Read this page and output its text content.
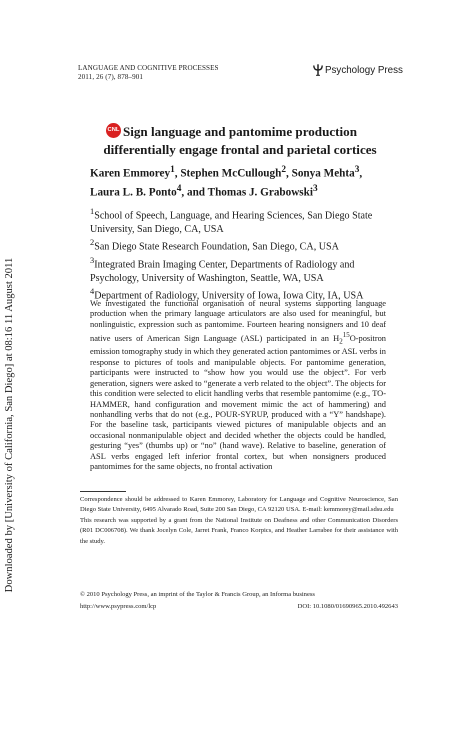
Downloaded by [University of California, San Diego] at 08:16 11 August 2011
LANGUAGE AND COGNITIVE PROCESSES
2011, 26 (7), 878–901
Psychology Press
CNL Sign language and pantomime production differentially engage frontal and parietal cortices
Karen Emmorey$^1$, Stephen McCullough$^2$, Sonya Mehta$^3$, Laura L. B. Ponto$^4$, and Thomas J. Grabowski$^3$

$^1$School of Speech, Language, and Hearing Sciences, San Diego State University, San Diego, CA, USA

$^2$San Diego State Research Foundation, San Diego, CA, USA

$^3$Integrated Brain Imaging Center, Departments of Radiology and Psychology, University of Washington, Seattle, WA, USA

$^4$Department of Radiology, University of Iowa, Iowa City, IA, USA

We investigated the functional organisation of neural systems supporting language production when the primary language articulators are also used for meaningful, but nonlinguistic, expression such as pantomime. Fourteen hearing nonsigners and 10 deaf native users of American Sign Language (ASL) participated in an $H_2^{15}O$-positron emission tomography study in which they generated action pantomimes or ASL verbs in response to pictures of tools and manipulable objects. For pantomime generation, participants were instructed to “show how you would use the object”. For verb generation, signers were asked to “generate a verb related to the object”. The objects for this condition were selected to elicit handling verbs that resemble pantomime (e.g., TO-HAMMER, hand configuration and movement mimic the act of hammering) and nonhandling verbs that do not (e.g., POUR-SYRUP, produced with a “Y” handshape). For the baseline task, participants viewed pictures of manipulable objects and an occasional nonmanipulable object and decided whether the objects could be handled, gesturing “yes” (thumbs up) or “no” (hand wave). Relative to baseline, generation of ASL verbs engaged left inferior frontal cortex, but when nonsigners produced pantomimes for the same objects, no frontal activation

Correspondence should be addressed to Karen Emmorey, Laboratory for Language and Cognitive Neuroscience, San Diego State University, 6495 Alvarado Road, Suite 200 San Diego, CA 92120 USA. E-mail: kemmorey@mail.sdsu.edu

This research was supported by a grant from the National Institute on Deafness and other Communication Disorders (R01 DC006708). We thank Jocelyn Cole, Jarret Frank, Franco Korpics, and Heather Larrabee for their assistance with the study.

© 2010 Psychology Press, an imprint of the Taylor & Francis Group, an Informa business
http://www.psypress.com/lcp	DOI: 10.1080/01690965.2010.492643
